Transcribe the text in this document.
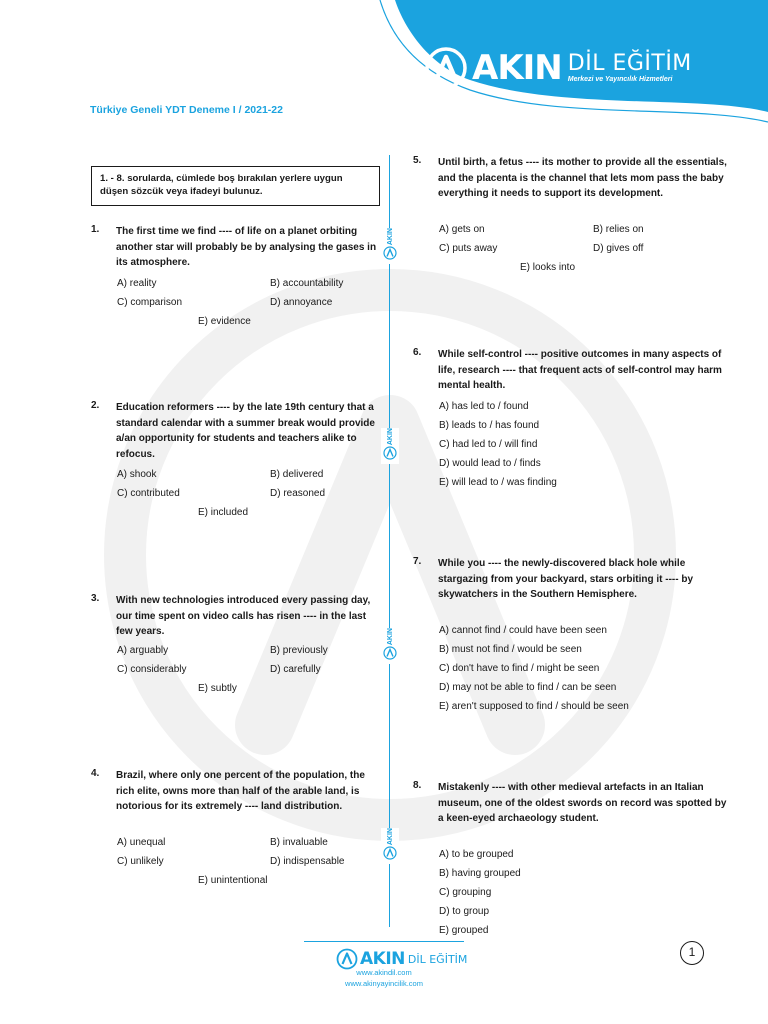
AKIN DİL EĞİTİM
Merkezi ve Yayıncılık Hizmetleri
Türkiye Geneli YDT Deneme I / 2021-22
AKIN
AKIN
AKIN
AKIN
1. - 8. sorularda, cümlede boş bırakılan yerlere uygun düşen sözcük veya ifadeyi bulunuz.
1. The first time we find ---- of life on a planet orbiting another star will probably be by analysing the gases in its atmosphere.
A) reality	B) accountability
C) comparison	D) annoyance
E) evidence
2. Education reformers ---- by the late 19th century that a standard calendar with a summer break would provide a/an opportunity for students and teachers alike to refocus.
A) shook	B) delivered
C) contributed	D) reasoned
E) included
3. With new technologies introduced every passing day, our time spent on video calls has risen ---- in the last few years.
A) arguably	B) previously
C) considerably	D) carefully
E) subtly
4. Brazil, where only one percent of the population, the rich elite, owns more than half of the arable land, is notorious for its extremely ---- land distribution.
A) unequal	B) invaluable
C) unlikely	D) indispensable
E) unintentional
5. Until birth, a fetus ---- its mother to provide all the essentials, and the placenta is the channel that lets mom pass the baby everything it needs to support its development.
A) gets on	B) relies on
C) puts away	D) gives off
E) looks into
6. While self-control ---- positive outcomes in many aspects of life, research ---- that frequent acts of self-control may harm mental health.
A) has led to / found
B) leads to / has found
C) had led to / will find
D) would lead to / finds
E) will lead to / was finding
7. While you ---- the newly-discovered black hole while stargazing from your backyard, stars orbiting it ---- by skywatchers in the Southern Hemisphere.
A) cannot find / could have been seen
B) must not find / would be seen
C) don't have to find / might be seen
D) may not be able to find / can be seen
E) aren't supposed to find / should be seen
8. Mistakenly ---- with other medieval artefacts in an Italian museum, one of the oldest swords on record was spotted by a keen-eyed archaeology student.
A) to be grouped
B) having grouped
C) grouping
D) to group
E) grouped
AKIN DİL EĞİTİM
www.akindil.com
www.akinyayincilik.com
1
